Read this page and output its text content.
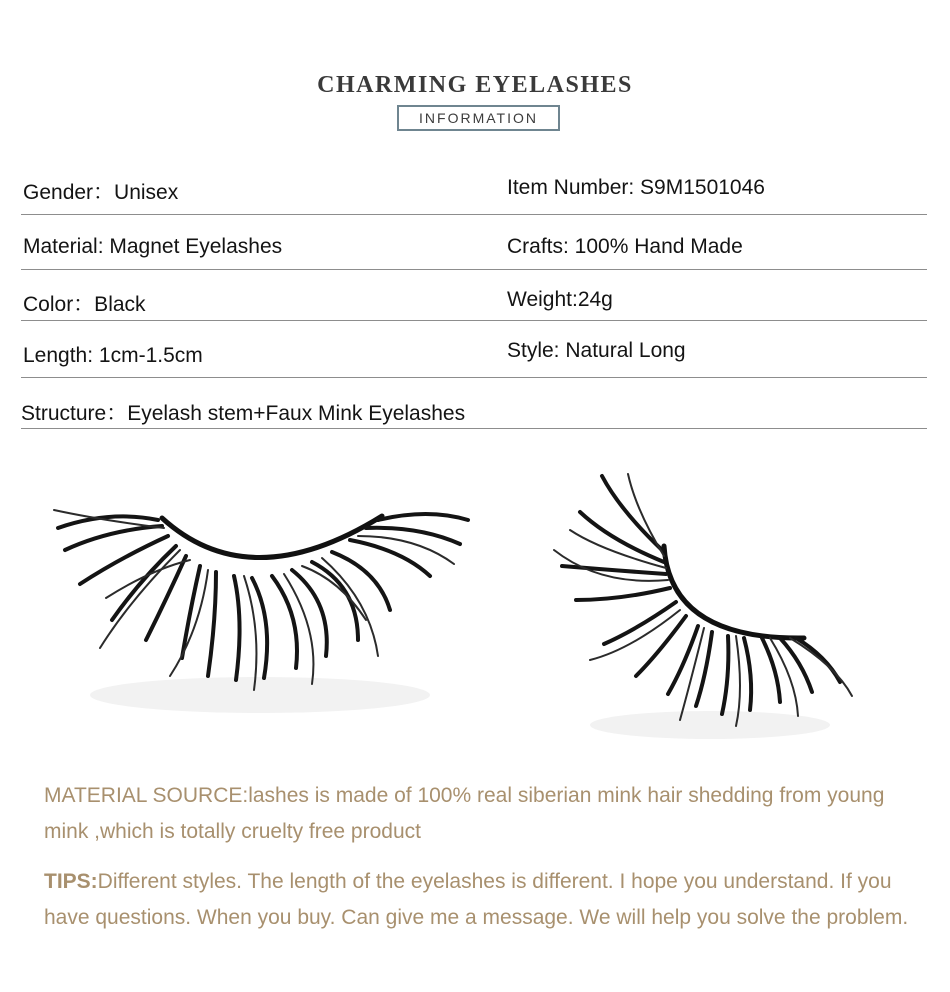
CHARMING EYELASHES
INFORMATION
Gender：Unisex	Item Number: S9M1501046
Material: Magnet Eyelashes	Crafts: 100% Hand Made
Color：Black	Weight:24g
Length: 1cm-1.5cm	Style: Natural Long
Structure：Eyelash stem+Faux Mink Eyelashes
MATERIAL SOURCE:lashes is made of 100% real siberian mink hair shedding from young mink ,which is totally cruelty free product
TIPS:Different styles. The length of the eyelashes is different. I hope you understand. If you have questions. When you buy. Can give me a message. We will help you solve the problem.
